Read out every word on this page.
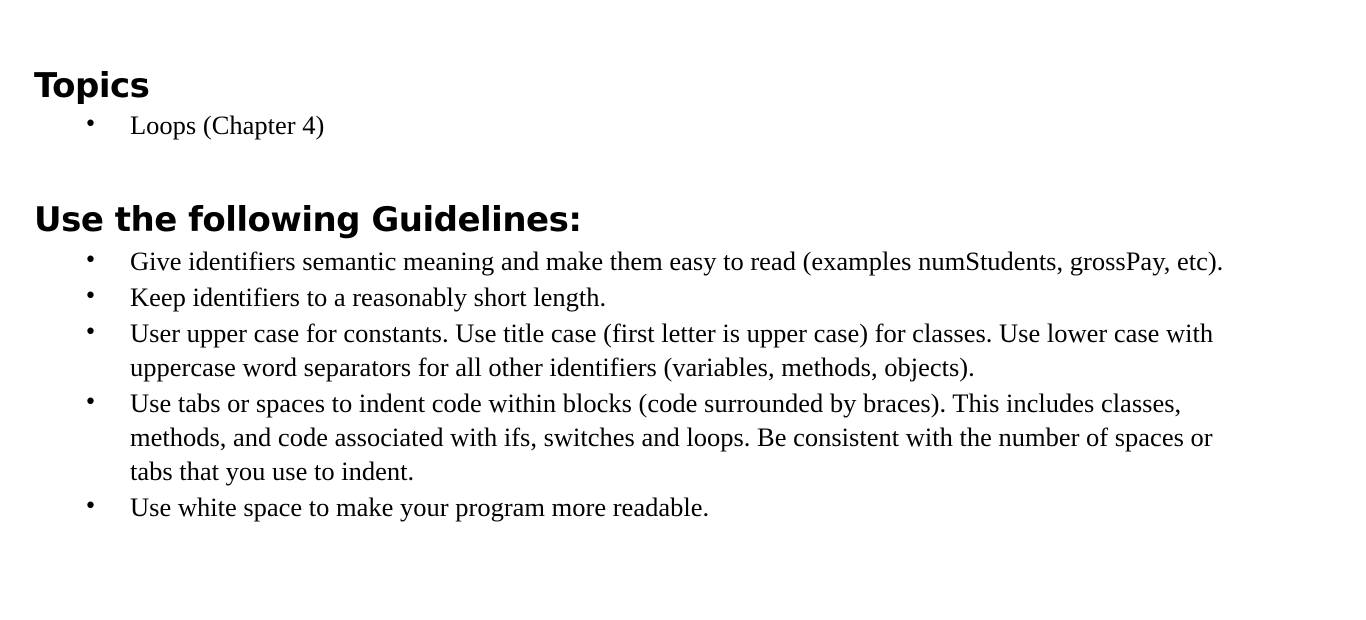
Topics
• Loops (Chapter 4)
Use the following Guidelines:
• Give identifiers semantic meaning and make them easy to read (examples numStudents, grossPay, etc).
• Keep identifiers to a reasonably short length.
• User upper case for constants. Use title case (first letter is upper case) for classes. Use lower case with uppercase word separators for all other identifiers (variables, methods, objects).
• Use tabs or spaces to indent code within blocks (code surrounded by braces). This includes classes, methods, and code associated with ifs, switches and loops. Be consistent with the number of spaces or tabs that you use to indent.
• Use white space to make your program more readable.
